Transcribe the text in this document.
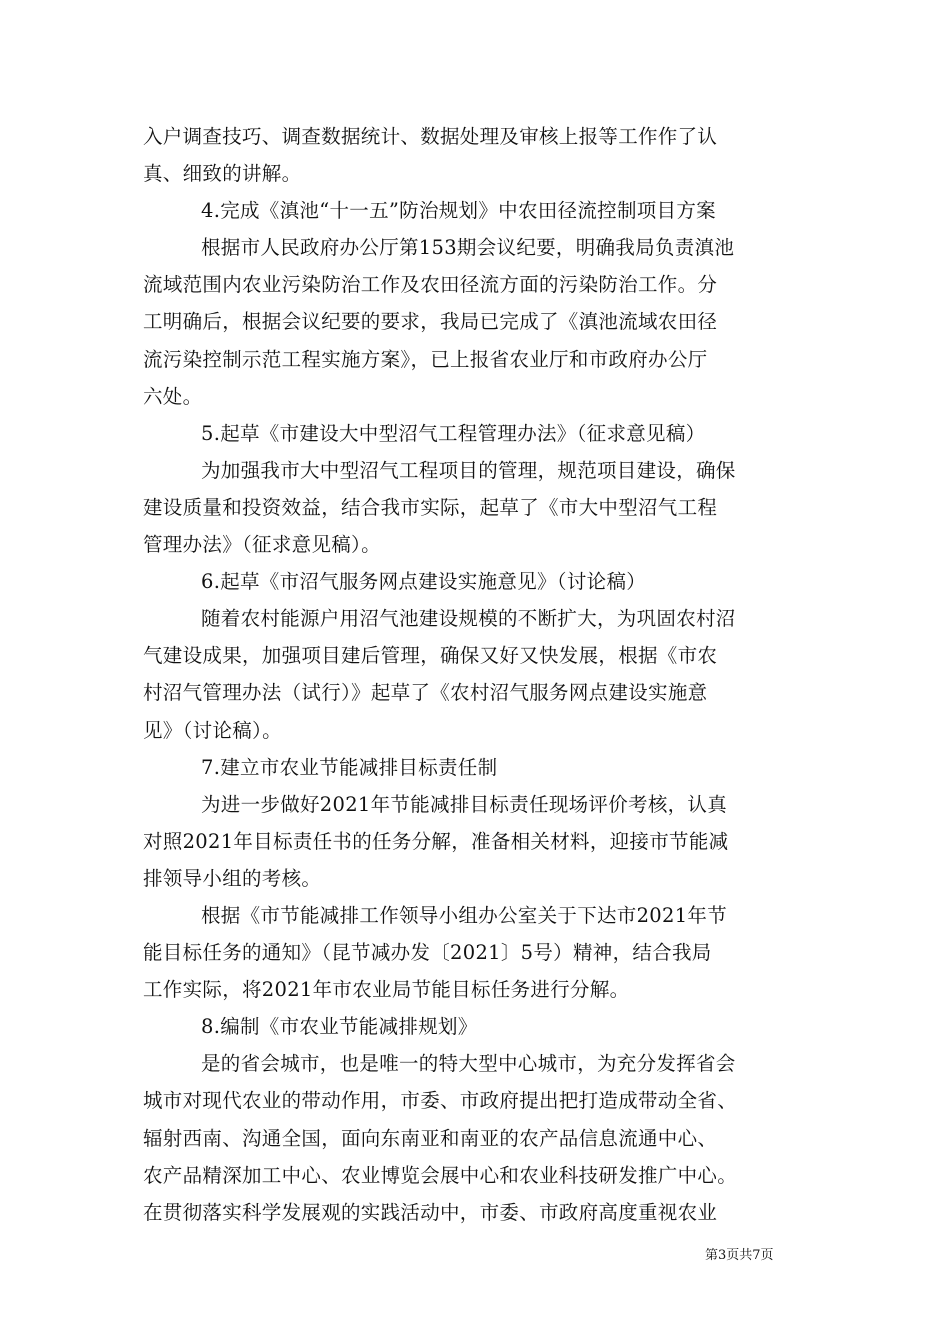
入户调查技巧、调查数据统计、数据处理及审核上报等工作作了认
真、细致的讲解。
4.完成《滇池“十一五”防治规划》中农田径流控制项目方案
根据市人民政府办公厅第153期会议纪要，明确我局负责滇池
流域范围内农业污染防治工作及农田径流方面的污染防治工作。分
工明确后，根据会议纪要的要求，我局已完成了《滇池流域农田径
流污染控制示范工程实施方案》，已上报省农业厅和市政府办公厅
六处。
5.起草《市建设大中型沼气工程管理办法》（征求意见稿）
为加强我市大中型沼气工程项目的管理，规范项目建设，确保
建设质量和投资效益，结合我市实际，起草了《市大中型沼气工程
管理办法》（征求意见稿）。
6.起草《市沼气服务网点建设实施意见》（讨论稿）
随着农村能源户用沼气池建设规模的不断扩大，为巩固农村沼
气建设成果，加强项目建后管理，确保又好又快发展，根据《市农
村沼气管理办法（试行）》起草了《农村沼气服务网点建设实施意
见》（讨论稿）。
7.建立市农业节能减排目标责任制
为进一步做好2021年节能减排目标责任现场评价考核，认真
对照2021年目标责任书的任务分解，准备相关材料，迎接市节能减
排领导小组的考核。
根据《市节能减排工作领导小组办公室关于下达市2021年节
能目标任务的通知》（昆节减办发〔2021〕5号）精神，结合我局
工作实际，将2021年市农业局节能目标任务进行分解。
8.编制《市农业节能减排规划》
是的省会城市，也是唯一的特大型中心城市，为充分发挥省会
城市对现代农业的带动作用，市委、市政府提出把打造成带动全省、
辐射西南、沟通全国，面向东南亚和南亚的农产品信息流通中心、
农产品精深加工中心、农业博览会展中心和农业科技研发推广中心。
在贯彻落实科学发展观的实践活动中，市委、市政府高度重视农业
第3页共7页
